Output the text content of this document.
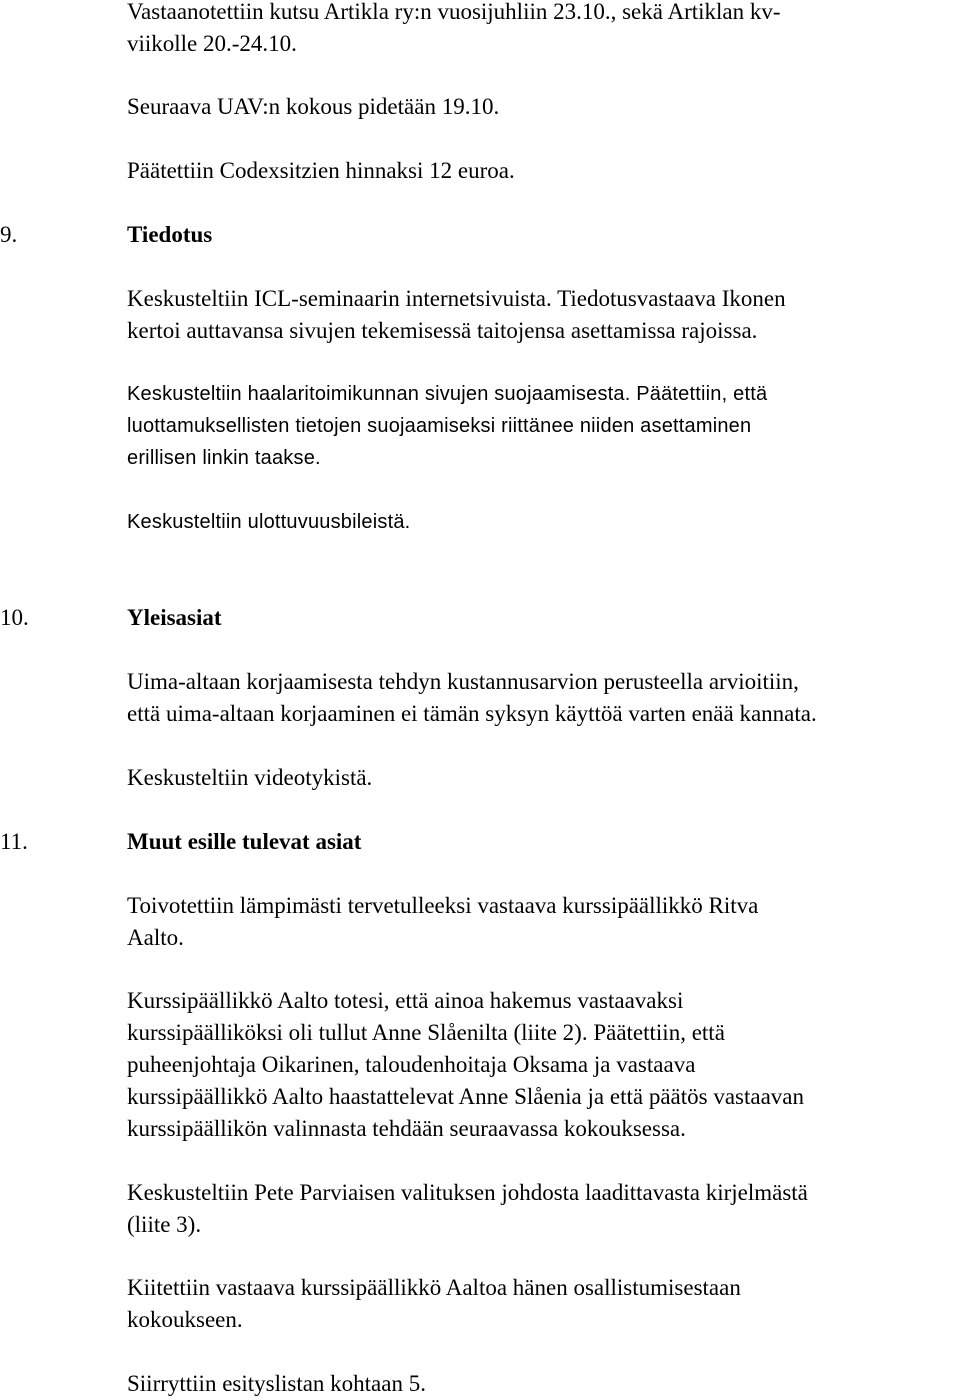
Vastaanotettiin kutsu Artikla ry:n vuosijuhliin 23.10., sekä Artiklan kv-
viikolle 20.-24.10.

Seuraava UAV:n kokous pidetään 19.10.

Päätettiin Codexsitzien hinnaksi 12 euroa.

9.	Tiedotus

Keskusteltiin ICL-seminaarin internetsivuista. Tiedotusvastaava Ikonen
kertoi auttavansa sivujen tekemisessä taitojensa asettamissa rajoissa.

Keskusteltiin haalaritoimikunnan sivujen suojaamisesta. Päätettiin, että
luottamuksellisten tietojen suojaamiseksi riittänee niiden asettaminen
erillisen linkin taakse.

Keskusteltiin ulottuvuusbileistä.

10.	Yleisasiat

Uima-altaan korjaamisesta tehdyn kustannusarvion perusteella arvioitiin,
että uima-altaan korjaaminen ei tämän syksyn käyttöä varten enää kannata.

Keskusteltiin videotykistä.

11.	Muut esille tulevat asiat

Toivotettiin lämpimästi tervetulleeksi vastaava kurssipäällikkö Ritva
Aalto.

Kurssipäällikkö Aalto totesi, että ainoa hakemus vastaavaksi
kurssipäälliköksi oli tullut Anne Slåenilta (liite 2). Päätettiin, että
puheenjohtaja Oikarinen, taloudenhoitaja Oksama ja vastaava
kurssipäällikkö Aalto haastattelevat Anne Slåenia ja että päätös vastaavan
kurssipäällikön valinnasta tehdään seuraavassa kokouksessa.

Keskusteltiin Pete Parviaisen valituksen johdosta laadittavasta kirjelmästä
(liite 3).

Kiitettiin vastaava kurssipäällikkö Aaltoa hänen osallistumisestaan
kokoukseen.

Siirryttiin esityslistan kohtaan 5.
